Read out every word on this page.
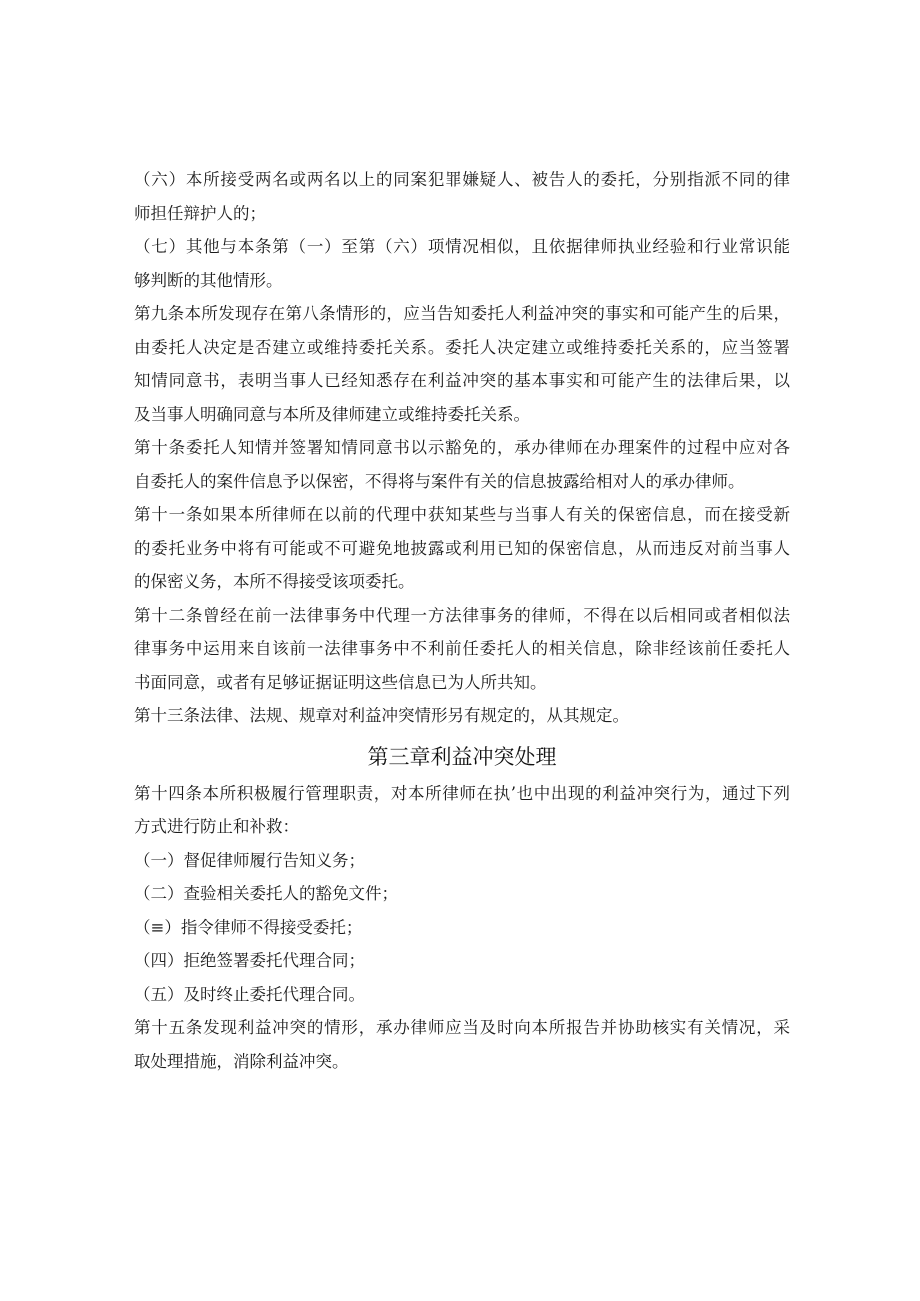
（六）本所接受两名或两名以上的同案犯罪嫌疑人、被告人的委托，分别指派不同的律
师担任辩护人的；
（七）其他与本条第（一）至第（六）项情况相似，且依据律师执业经验和行业常识能
够判断的其他情形。
第九条本所发现存在第八条情形的，应当告知委托人利益冲突的事实和可能产生的后果，
由委托人决定是否建立或维持委托关系。委托人决定建立或维持委托关系的，应当签署
知情同意书，表明当事人已经知悉存在利益冲突的基本事实和可能产生的法律后果，以
及当事人明确同意与本所及律师建立或维持委托关系。
第十条委托人知情并签署知情同意书以示豁免的，承办律师在办理案件的过程中应对各
自委托人的案件信息予以保密，不得将与案件有关的信息披露给相对人的承办律师。
第十一条如果本所律师在以前的代理中获知某些与当事人有关的保密信息，而在接受新
的委托业务中将有可能或不可避免地披露或利用已知的保密信息，从而违反对前当事人
的保密义务，本所不得接受该项委托。
第十二条曾经在前一法律事务中代理一方法律事务的律师，不得在以后相同或者相似法
律事务中运用来自该前一法律事务中不利前任委托人的相关信息，除非经该前任委托人
书面同意，或者有足够证据证明这些信息已为人所共知。
第十三条法律、法规、规章对利益冲突情形另有规定的，从其规定。
第三章利益冲突处理
第十四条本所积极履行管理职责，对本所律师在执’也中出现的利益冲突行为，通过下列
方式进行防止和补救：
（一）督促律师履行告知义务；
（二）查验相关委托人的豁免文件；
（≡）指令律师不得接受委托；
（四）拒绝签署委托代理合同；
（五）及时终止委托代理合同。
第十五条发现利益冲突的情形，承办律师应当及时向本所报告并协助核实有关情况，采
取处理措施，消除利益冲突。
